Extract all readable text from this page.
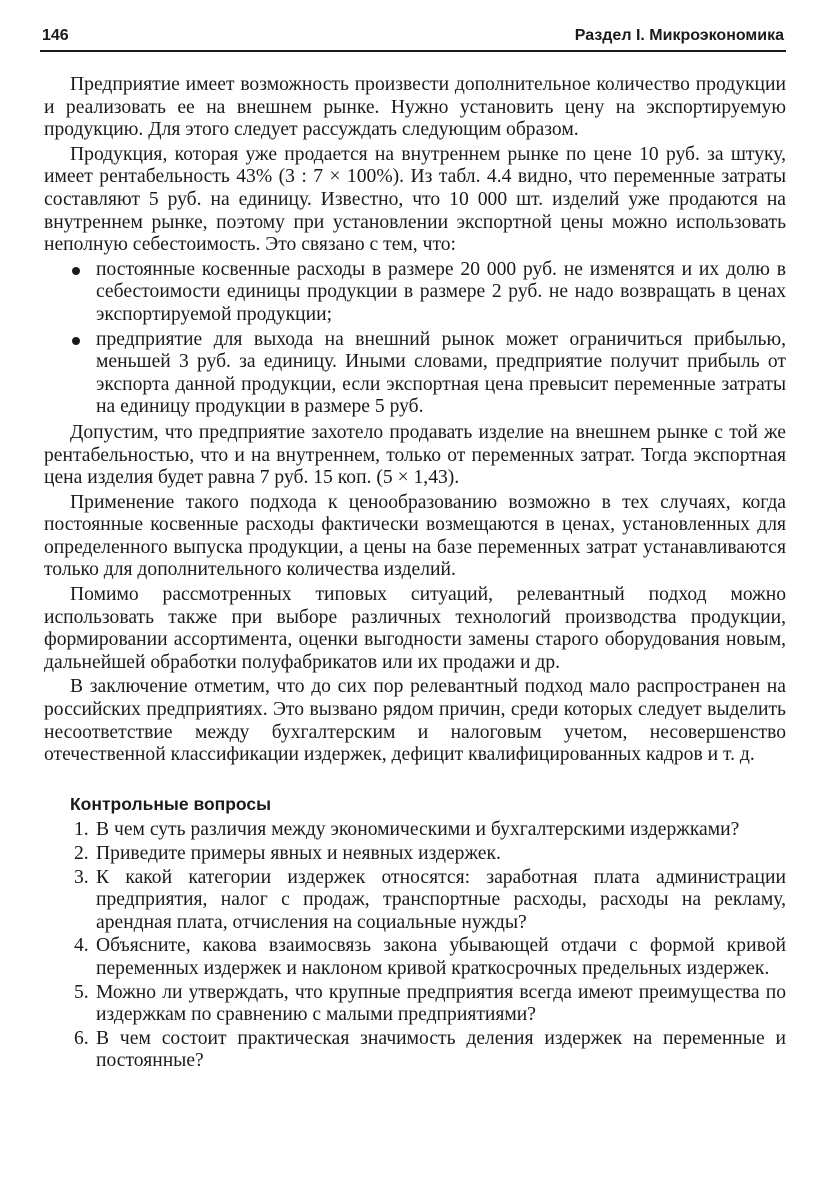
146	Раздел I. Микроэкономика

Предприятие имеет возможность произвести дополнительное количество продукции и реализовать ее на внешнем рынке. Нужно установить цену на экспортируемую продукцию. Для этого следует рассуждать следующим образом.

Продукция, которая уже продается на внутреннем рынке по цене 10 руб. за штуку, имеет рентабельность 43% (3 : 7 × 100%). Из табл. 4.4 видно, что переменные затраты составляют 5 руб. на единицу. Известно, что 10 000 шт. изделий уже продаются на внутреннем рынке, поэтому при установлении экспортной цены можно использовать неполную себестоимость. Это связано с тем, что:

постоянные косвенные расходы в размере 20 000 руб. не изменятся и их долю в себестоимости единицы продукции в размере 2 руб. не надо возвращать в ценах экспортируемой продукции;
предприятие для выхода на внешний рынок может ограничиться прибылью, меньшей 3 руб. за единицу. Иными словами, предприятие получит прибыль от экспорта данной продукции, если экспортная цена превысит переменные затраты на единицу продукции в размере 5 руб.

Допустим, что предприятие захотело продавать изделие на внешнем рынке с той же рентабельностью, что и на внутреннем, только от переменных затрат. Тогда экспортная цена изделия будет равна 7 руб. 15 коп. (5 × 1,43).

Применение такого подхода к ценообразованию возможно в тех случаях, когда постоянные косвенные расходы фактически возмещаются в ценах, установленных для определенного выпуска продукции, а цены на базе переменных затрат устанавливаются только для дополнительного количества изделий.

Помимо рассмотренных типовых ситуаций, релевантный подход можно использовать также при выборе различных технологий производства продукции, формировании ассортимента, оценки выгодности замены старого оборудования новым, дальнейшей обработки полуфабрикатов или их продажи и др.

В заключение отметим, что до сих пор релевантный подход мало распространен на российских предприятиях. Это вызвано рядом причин, среди которых следует выделить несоответствие между бухгалтерским и налоговым учетом, несовершенство отечественной классификации издержек, дефицит квалифицированных кадров и т. д.

Контрольные вопросы
1. В чем суть различия между экономическими и бухгалтерскими издержками?
2. Приведите примеры явных и неявных издержек.
3. К какой категории издержек относятся: заработная плата администрации предприятия, налог с продаж, транспортные расходы, расходы на рекламу, арендная плата, отчисления на социальные нужды?
4. Объясните, какова взаимосвязь закона убывающей отдачи с формой кривой переменных издержек и наклоном кривой краткосрочных предельных издержек.
5. Можно ли утверждать, что крупные предприятия всегда имеют преимущества по издержкам по сравнению с малыми предприятиями?
6. В чем состоит практическая значимость деления издержек на переменные и постоянные?
